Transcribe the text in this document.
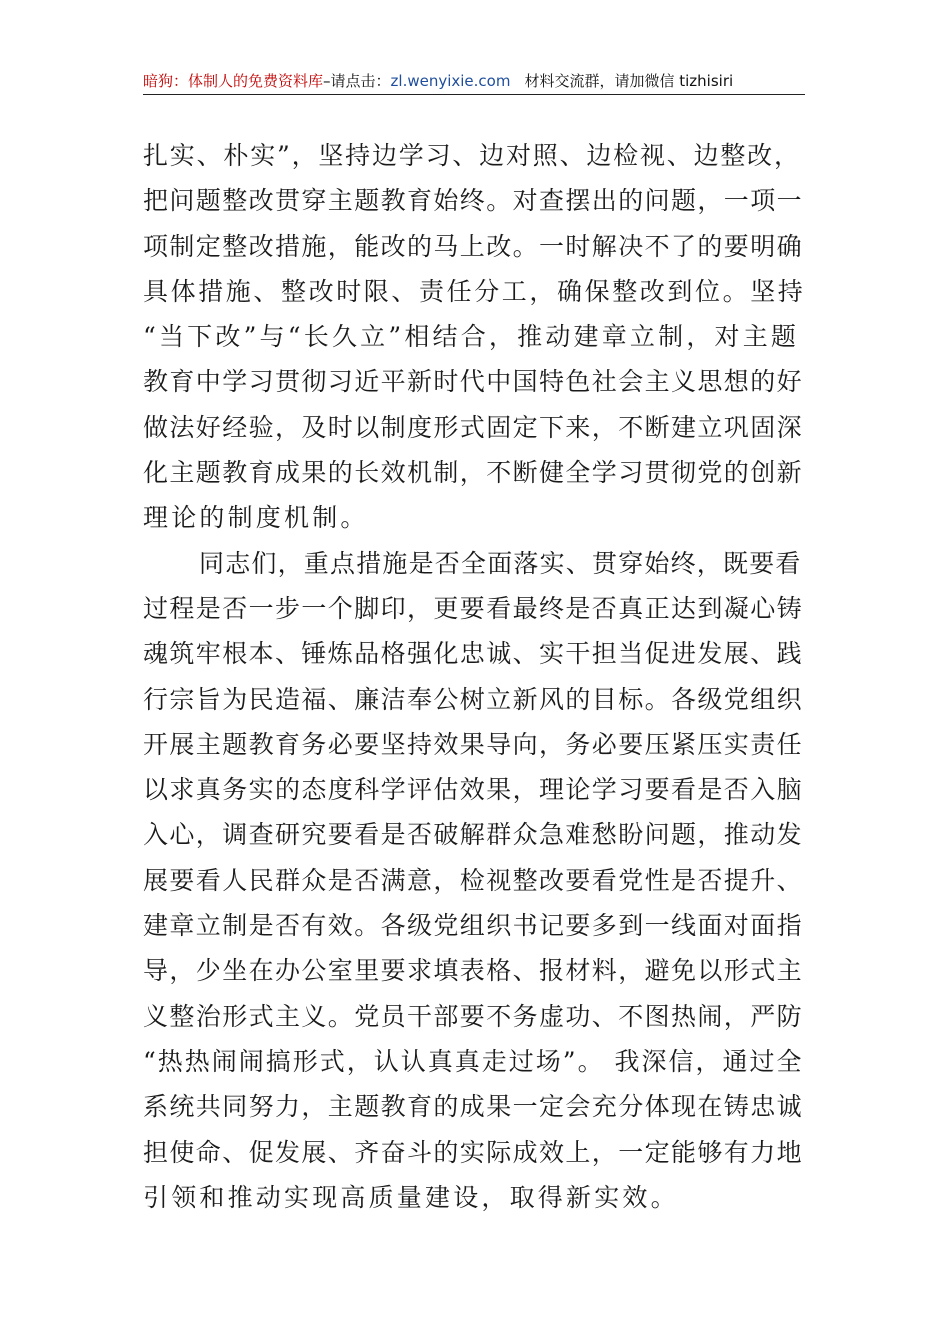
暗狗：体制人的免费资料库–请点击：zl.wenyixie.com 材料交流群，请加微信 tizhisiri

扎实、朴实”，坚持边学习、边对照、边检视、边整改，
把问题整改贯穿主题教育始终。对查摆出的问题，一项一
项制定整改措施，能改的马上改。一时解决不了的要明确
具体措施、整改时限、责任分工，确保整改到位。坚持
“当下改”与“长久立”相结合，推动建章立制，对主题
教育中学习贯彻习近平新时代中国特色社会主义思想的好
做法好经验，及时以制度形式固定下来，不断建立巩固深
化主题教育成果的长效机制，不断健全学习贯彻党的创新
理论的制度机制。

同志们，重点措施是否全面落实、贯穿始终，既要看
过程是否一步一个脚印，更要看最终是否真正达到凝心铸
魂筑牢根本、锤炼品格强化忠诚、实干担当促进发展、践
行宗旨为民造福、廉洁奉公树立新风的目标。各级党组织
开展主题教育务必要坚持效果导向，务必要压紧压实责任
以求真务实的态度科学评估效果，理论学习要看是否入脑
入心，调查研究要看是否破解群众急难愁盼问题，推动发
展要看人民群众是否满意，检视整改要看党性是否提升、
建章立制是否有效。各级党组织书记要多到一线面对面指
导，少坐在办公室里要求填表格、报材料，避免以形式主
义整治形式主义。党员干部要不务虚功、不图热闹，严防
“热热闹闹搞形式，认认真真走过场”。 我深信，通过全
系统共同努力，主题教育的成果一定会充分体现在铸忠诚
担使命、促发展、齐奋斗的实际成效上，一定能够有力地
引领和推动实现高质量建设，取得新实效。
